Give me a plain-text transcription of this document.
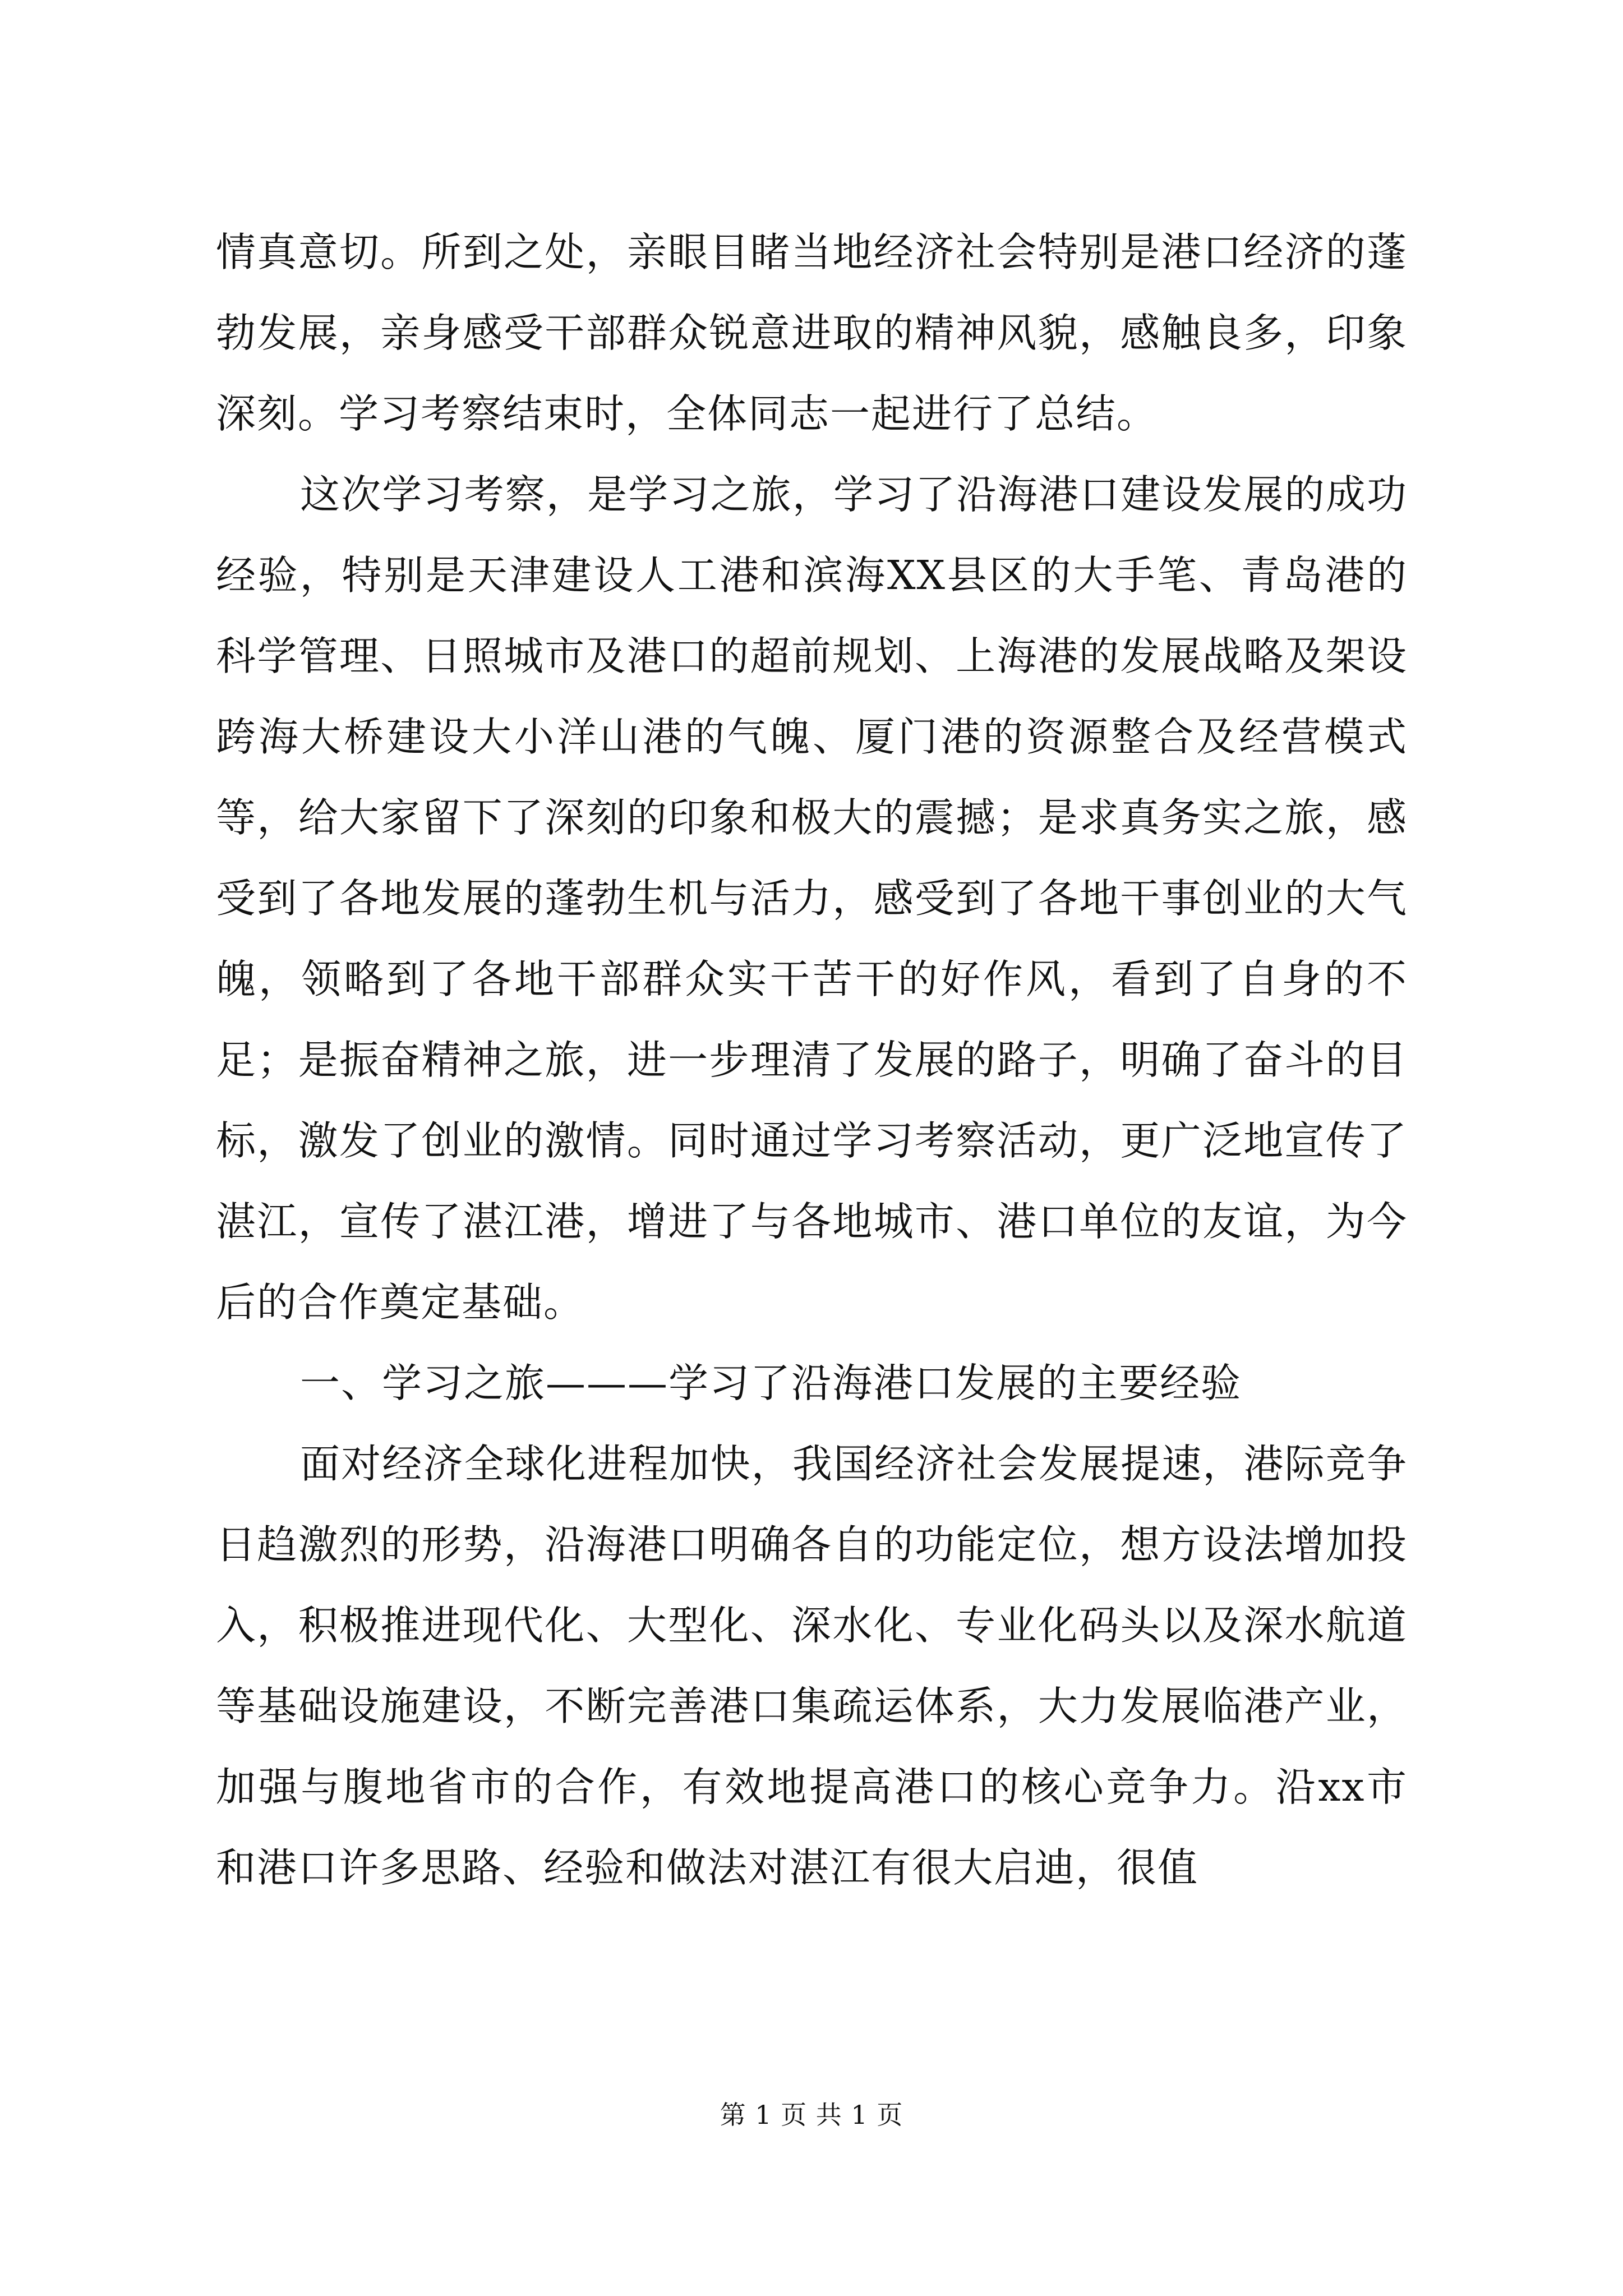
情真意切。所到之处，亲眼目睹当地经济社会特别是港口经济的蓬勃发展，亲身感受干部群众锐意进取的精神风貌，感触良多，印象深刻。学习考察结束时，全体同志一起进行了总结。

这次学习考察，是学习之旅，学习了沿海港口建设发展的成功经验，特别是天津建设人工港和滨海XX县区的大手笔、青岛港的科学管理、日照城市及港口的超前规划、上海港的发展战略及架设跨海大桥建设大小洋山港的气魄、厦门港的资源整合及经营模式等，给大家留下了深刻的印象和极大的震撼；是求真务实之旅，感受到了各地发展的蓬勃生机与活力，感受到了各地干事创业的大气魄，领略到了各地干部群众实干苦干的好作风，看到了自身的不足；是振奋精神之旅，进一步理清了发展的路子，明确了奋斗的目标，激发了创业的激情。同时通过学习考察活动，更广泛地宣传了湛江，宣传了湛江港，增进了与各地城市、港口单位的友谊，为今后的合作奠定基础。

一、学习之旅———学习了沿海港口发展的主要经验

面对经济全球化进程加快，我国经济社会发展提速，港际竞争日趋激烈的形势，沿海港口明确各自的功能定位，想方设法增加投入，积极推进现代化、大型化、深水化、专业化码头以及深水航道等基础设施建设，不断完善港口集疏运体系，大力发展临港产业，加强与腹地省市的合作，有效地提高港口的核心竞争力。沿xx市和港口许多思路、经验和做法对湛江有很大启迪，很值

第 1 页 共 1 页
